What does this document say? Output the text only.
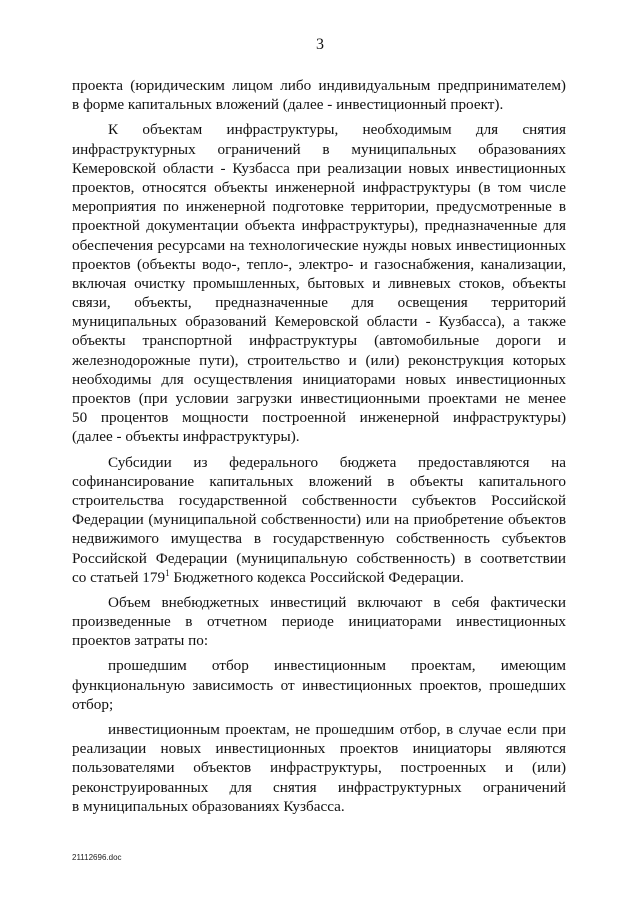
3
проекта (юридическим лицом либо индивидуальным предпринимателем)
в форме капитальных вложений (далее - инвестиционный проект).
К объектам инфраструктуры, необходимым для снятия
инфраструктурных ограничений в муниципальных образованиях
Кемеровской области - Кузбасса при реализации новых инвестиционных
проектов, относятся объекты инженерной инфраструктуры (в том числе
мероприятия по инженерной подготовке территории, предусмотренные в
проектной документации объекта инфраструктуры), предназначенные для
обеспечения ресурсами на технологические нужды новых инвестиционных
проектов (объекты водо-, тепло-, электро- и газоснабжения, канализации,
включая очистку промышленных, бытовых и ливневых стоков, объекты
связи, объекты, предназначенные для освещения территорий
муниципальных образований Кемеровской области - Кузбасса), а также
объекты транспортной инфраструктуры (автомобильные дороги и
железнодорожные пути), строительство и (или) реконструкция которых
необходимы для осуществления инициаторами новых инвестиционных
проектов (при условии загрузки инвестиционными проектами не менее
50 процентов мощности построенной инженерной инфраструктуры)
(далее - объекты инфраструктуры).
Субсидии из федерального бюджета предоставляются на
софинансирование капитальных вложений в объекты капитального
строительства государственной собственности субъектов Российской
Федерации (муниципальной собственности) или на приобретение объектов
недвижимого имущества в государственную собственность субъектов
Российской Федерации (муниципальную собственность) в соответствии
со статьей $179^1$ Бюджетного кодекса Российской Федерации.
Объем внебюджетных инвестиций включают в себя фактически
произведенные в отчетном периоде инициаторами инвестиционных
проектов затраты по:
прошедшим отбор инвестиционным проектам, имеющим
функциональную зависимость от инвестиционных проектов, прошедших
отбор;
инвестиционным проектам, не прошедшим отбор, в случае если при
реализации новых инвестиционных проектов инициаторы являются
пользователями объектов инфраструктуры, построенных и (или)
реконструированных для снятия инфраструктурных ограничений
в муниципальных образованиях Кузбасса.
21112696.doc
